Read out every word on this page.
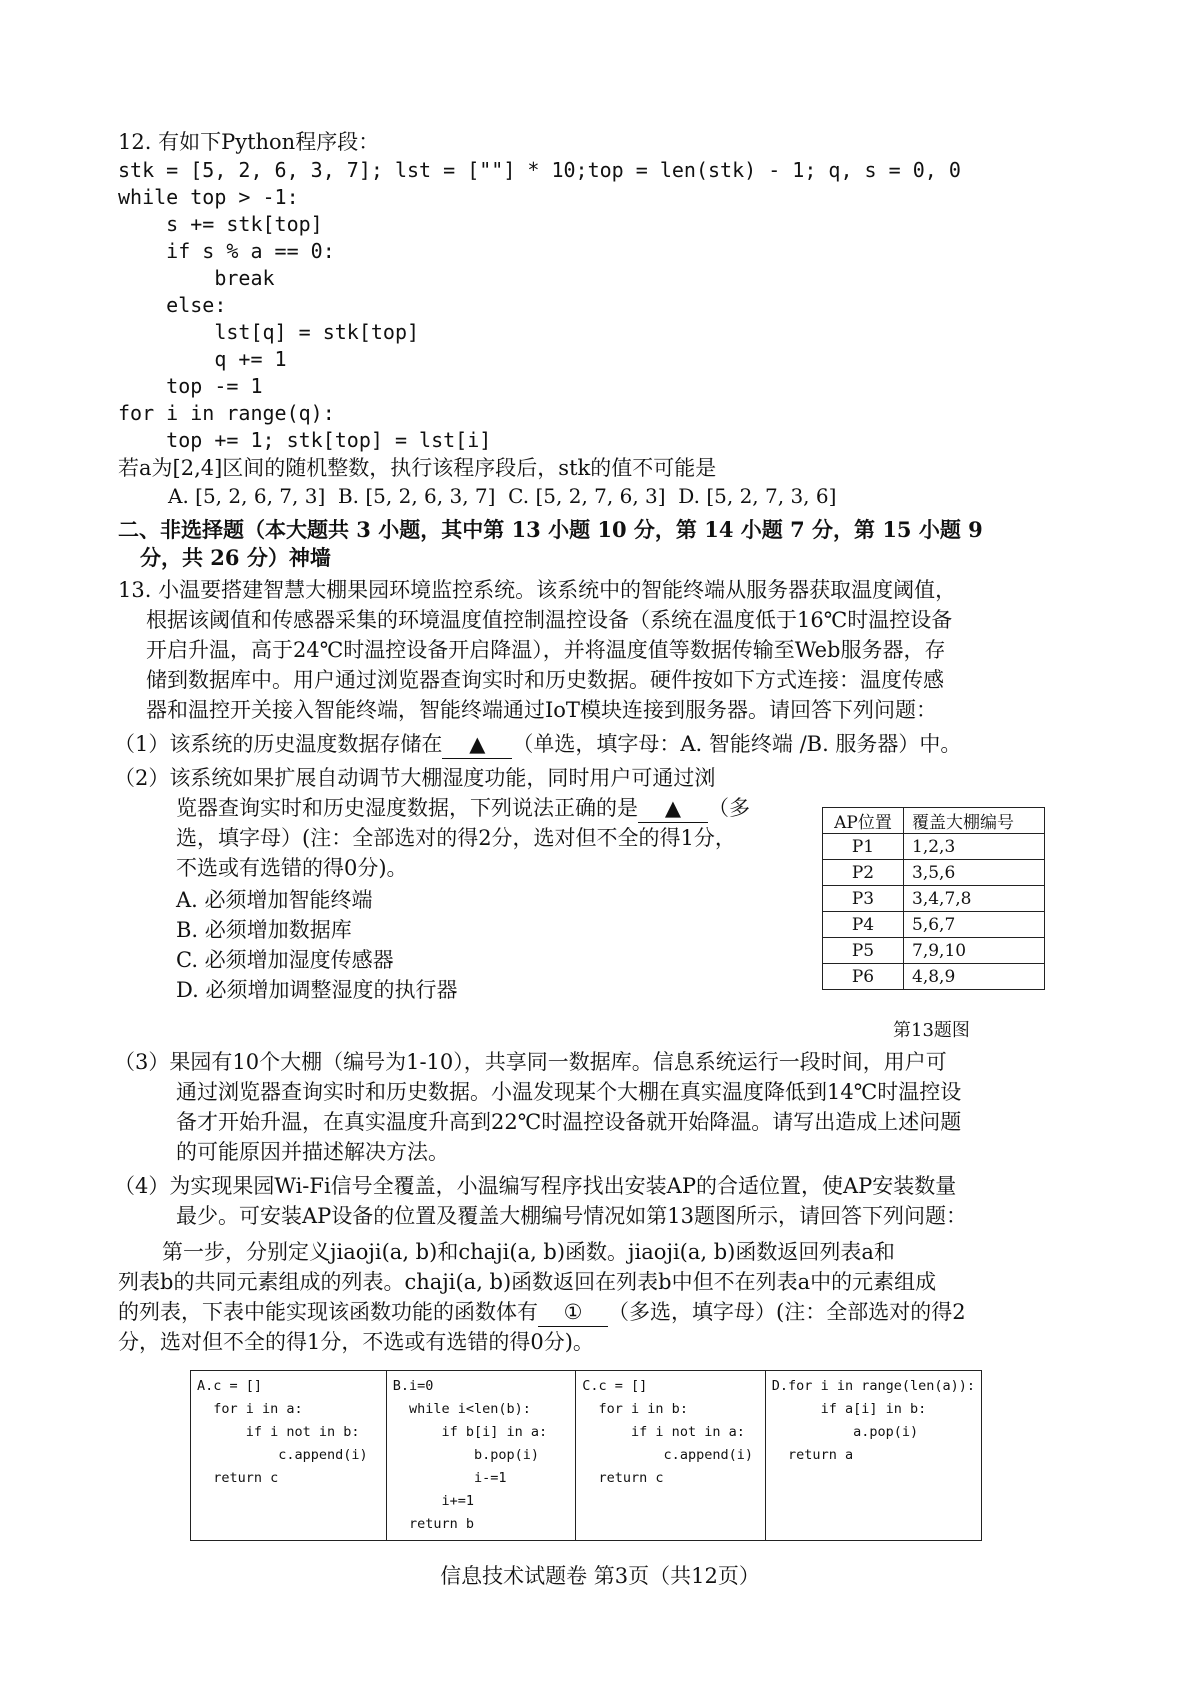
12. 有如下Python程序段：
stk = [5, 2, 6, 3, 7]; lst = [""] * 10;top = len(stk) - 1; q, s = 0, 0
while top > -1:
s += stk[top]
if s % a == 0:
break
else:
lst[q] = stk[top]
q += 1
top -= 1
for i in range(q):
top += 1; stk[top] = lst[i]
若a为[2,4]区间的随机整数，执行该程序段后，stk的值不可能是
A. [5, 2, 6, 7, 3]  B. [5, 2, 6, 3, 7]  C. [5, 2, 7, 6, 3]  D. [5, 2, 7, 3, 6]
二、非选择题（本大题共 3 小题，其中第 13 小题 10 分，第 14 小题 7 分，第 15 小题 9
分，共 26 分）神墙
13. 小温要搭建智慧大棚果园环境监控系统。该系统中的智能终端从服务器获取温度阈值，
根据该阈值和传感器采集的环境温度值控制温控设备（系统在温度低于16℃时温控设备
开启升温，高于24℃时温控设备开启降温），并将温度值等数据传输至Web服务器，存
储到数据库中。用户通过浏览器查询实时和历史数据。硬件按如下方式连接：温度传感
器和温控开关接入智能终端，智能终端通过IoT模块连接到服务器。请回答下列问题：
（1）该系统的历史温度数据存储在 ▲ （单选，填字母：A. 智能终端 /B. 服务器）中。
（2）该系统如果扩展自动调节大棚湿度功能，同时用户可通过浏
览器查询实时和历史湿度数据，下列说法正确的是 ▲ （多
选，填字母）(注：全部选对的得2分，选对但不全的得1分，
不选或有选错的得0分)。
A. 必须增加智能终端
B. 必须增加数据库
C. 必须增加湿度传感器
D. 必须增加调整湿度的执行器
AP位置	覆盖大棚编号
P1	1,2,3
P2	3,5,6
P3	3,4,7,8
P4	5,6,7
P5	7,9,10
P6	4,8,9
第13题图
（3）果园有10个大棚（编号为1-10），共享同一数据库。信息系统运行一段时间，用户可
通过浏览器查询实时和历史数据。小温发现某个大棚在真实温度降低到14℃时温控设
备才开始升温，在真实温度升高到22℃时温控设备就开始降温。请写出造成上述问题
的可能原因并描述解决方法。
（4）为实现果园Wi-Fi信号全覆盖，小温编写程序找出安装AP的合适位置，使AP安装数量
最少。可安装AP设备的位置及覆盖大棚编号情况如第13题图所示，请回答下列问题：
第一步，分别定义jiaoji(a, b)和chaji(a, b)函数。jiaoji(a, b)函数返回列表a和
列表b的共同元素组成的列表。chaji(a, b)函数返回在列表b中但不在列表a中的元素组成
的列表，下表中能实现该函数功能的函数体有 ① （多选，填字母）(注：全部选对的得2
分，选对但不全的得1分，不选或有选错的得0分)。
A.c = []
for i in a:
if i not in b:
c.append(i)
return c

B.i=0
while i<len(b):
if b[i] in a:
b.pop(i)
i-=1
i+=1
return b

C.c = []
for i in b:
if i not in a:
c.append(i)
return c

D.for i in range(len(a)):
if a[i] in b:
a.pop(i)
return a
信息技术试题卷 第3页（共12页）
